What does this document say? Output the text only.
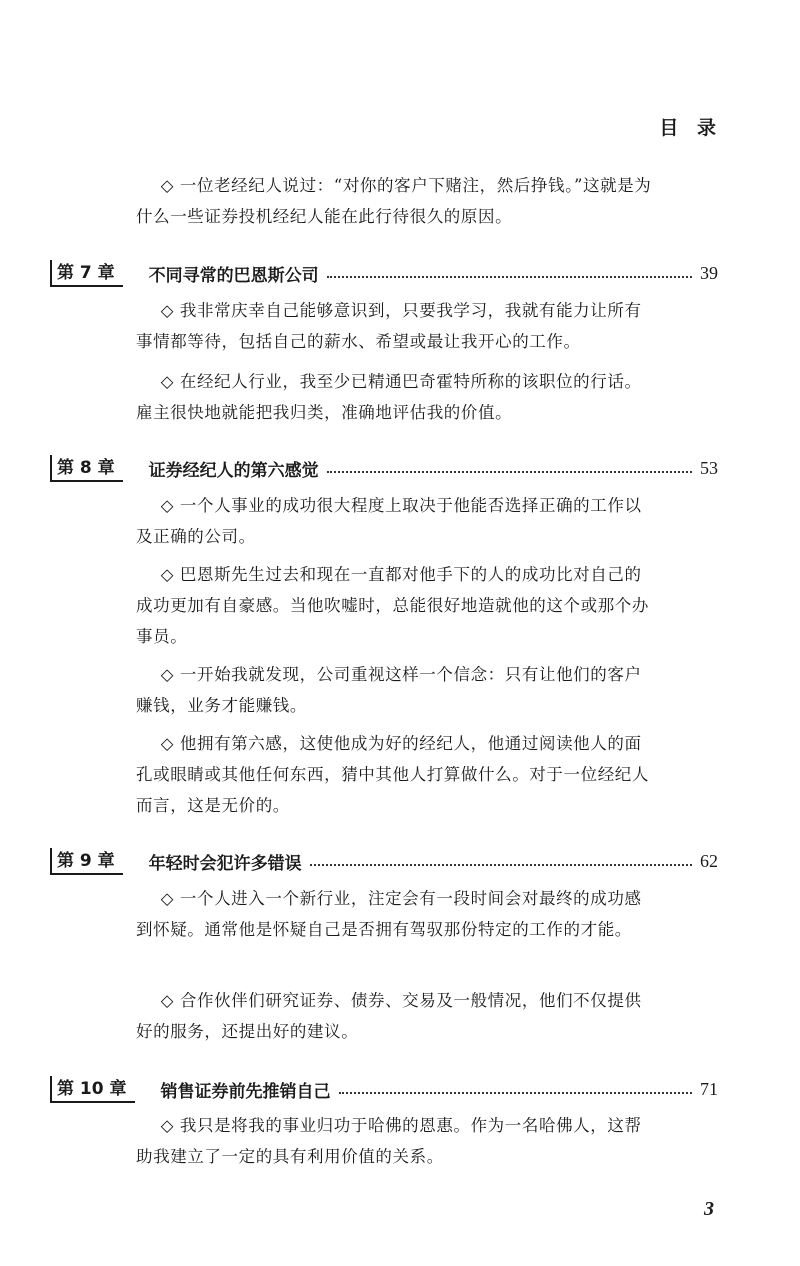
目 录

◇ 一位老经纪人说过：“对你的客户下赌注，然后挣钱。”这就是为什么一些证券投机经纪人能在此行待很久的原因。

第 7 章	不同寻常的巴恩斯公司	39

◇ 我非常庆幸自己能够意识到，只要我学习，我就有能力让所有事情都等待，包括自己的薪水、希望或最让我开心的工作。

◇ 在经纪人行业，我至少已精通巴奇霍特所称的该职位的行话。雇主很快地就能把我归类，准确地评估我的价值。

第 8 章	证券经纪人的第六感觉	53

◇ 一个人事业的成功很大程度上取决于他能否选择正确的工作以及正确的公司。

◇ 巴恩斯先生过去和现在一直都对他手下的人的成功比对自己的成功更加有自豪感。当他吹嘘时，总能很好地造就他的这个或那个办事员。

◇ 一开始我就发现，公司重视这样一个信念：只有让他们的客户赚钱，业务才能赚钱。

◇ 他拥有第六感，这使他成为好的经纪人，他通过阅读他人的面孔或眼睛或其他任何东西，猜中其他人打算做什么。对于一位经纪人而言，这是无价的。

第 9 章	年轻时会犯许多错误	62

◇ 一个人进入一个新行业，注定会有一段时间会对最终的成功感到怀疑。通常他是怀疑自己是否拥有驾驭那份特定的工作的才能。

◇ 合作伙伴们研究证券、债券、交易及一般情况，他们不仅提供好的服务，还提出好的建议。

第 10 章	销售证券前先推销自己	71

◇ 我只是将我的事业归功于哈佛的恩惠。作为一名哈佛人，这帮助我建立了一定的具有利用价值的关系。

3
